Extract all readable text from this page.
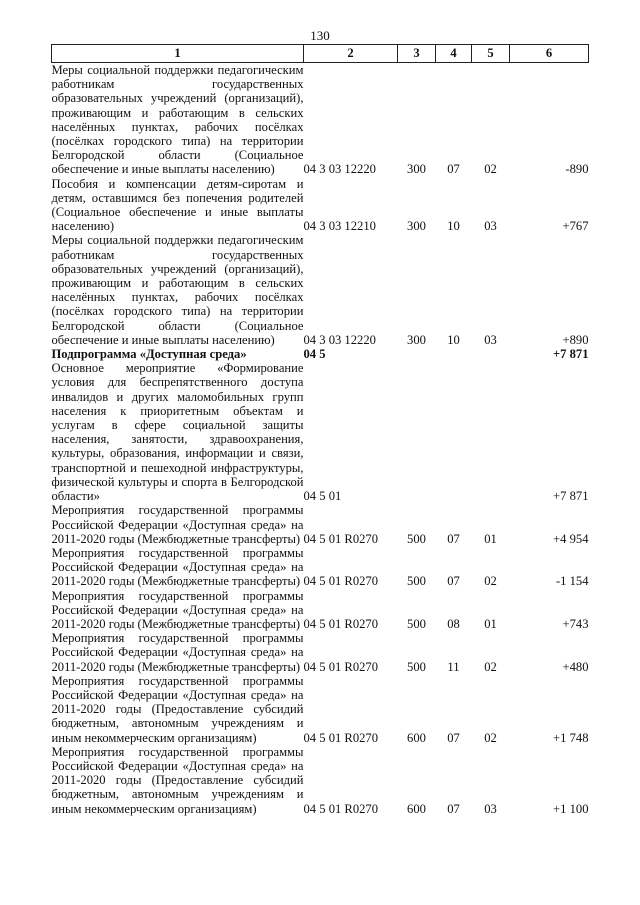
130
1	2	3	4	5	6
Меры социальной поддержки педагогическим работникам государственных образовательных учреждений (организаций), проживающим и работающим в сельских населённых пунктах, рабочих посёлках (посёлках городского типа) на территории Белгородской области (Социальное обеспечение и иные выплаты населению)	04 3 03 12220	300	07	02	-890
Пособия и компенсации детям-сиротам и детям, оставшимся без попечения родителей (Социальное обеспечение и иные выплаты населению)	04 3 03 12210	300	10	03	+767
Меры социальной поддержки педагогическим работникам государственных образовательных учреждений (организаций), проживающим и работающим в сельских населённых пунктах, рабочих посёлках (посёлках городского типа) на территории Белгородской области (Социальное обеспечение и иные выплаты населению)	04 3 03 12220	300	10	03	+890
Подпрограмма «Доступная среда»	04 5				+7 871
Основное мероприятие «Формирование условия для беспрепятственного доступа инвалидов и других маломобильных групп населения к приоритетным объектам и услугам в сфере социальной защиты населения, занятости, здравоохранения, культуры, образования, информации и связи, транспортной и пешеходной инфраструктуры, физической культуры и спорта в Белгородской области»	04 5 01				+7 871
Мероприятия государственной программы Российской Федерации «Доступная среда» на 2011-2020 годы (Межбюджетные трансферты)	04 5 01 R0270	500	07	01	+4 954
Мероприятия государственной программы Российской Федерации «Доступная среда» на 2011-2020 годы (Межбюджетные трансферты)	04 5 01 R0270	500	07	02	-1 154
Мероприятия государственной программы Российской Федерации «Доступная среда» на 2011-2020 годы (Межбюджетные трансферты)	04 5 01 R0270	500	08	01	+743
Мероприятия государственной программы Российской Федерации «Доступная среда» на 2011-2020 годы (Межбюджетные трансферты)	04 5 01 R0270	500	11	02	+480
Мероприятия государственной программы Российской Федерации «Доступная среда» на 2011-2020 годы (Предоставление субсидий бюджетным, автономным учреждениям и иным некоммерческим организациям)	04 5 01 R0270	600	07	02	+1 748
Мероприятия государственной программы Российской Федерации «Доступная среда» на 2011-2020 годы (Предоставление субсидий бюджетным, автономным учреждениям и иным некоммерческим организациям)	04 5 01 R0270	600	07	03	+1 100
